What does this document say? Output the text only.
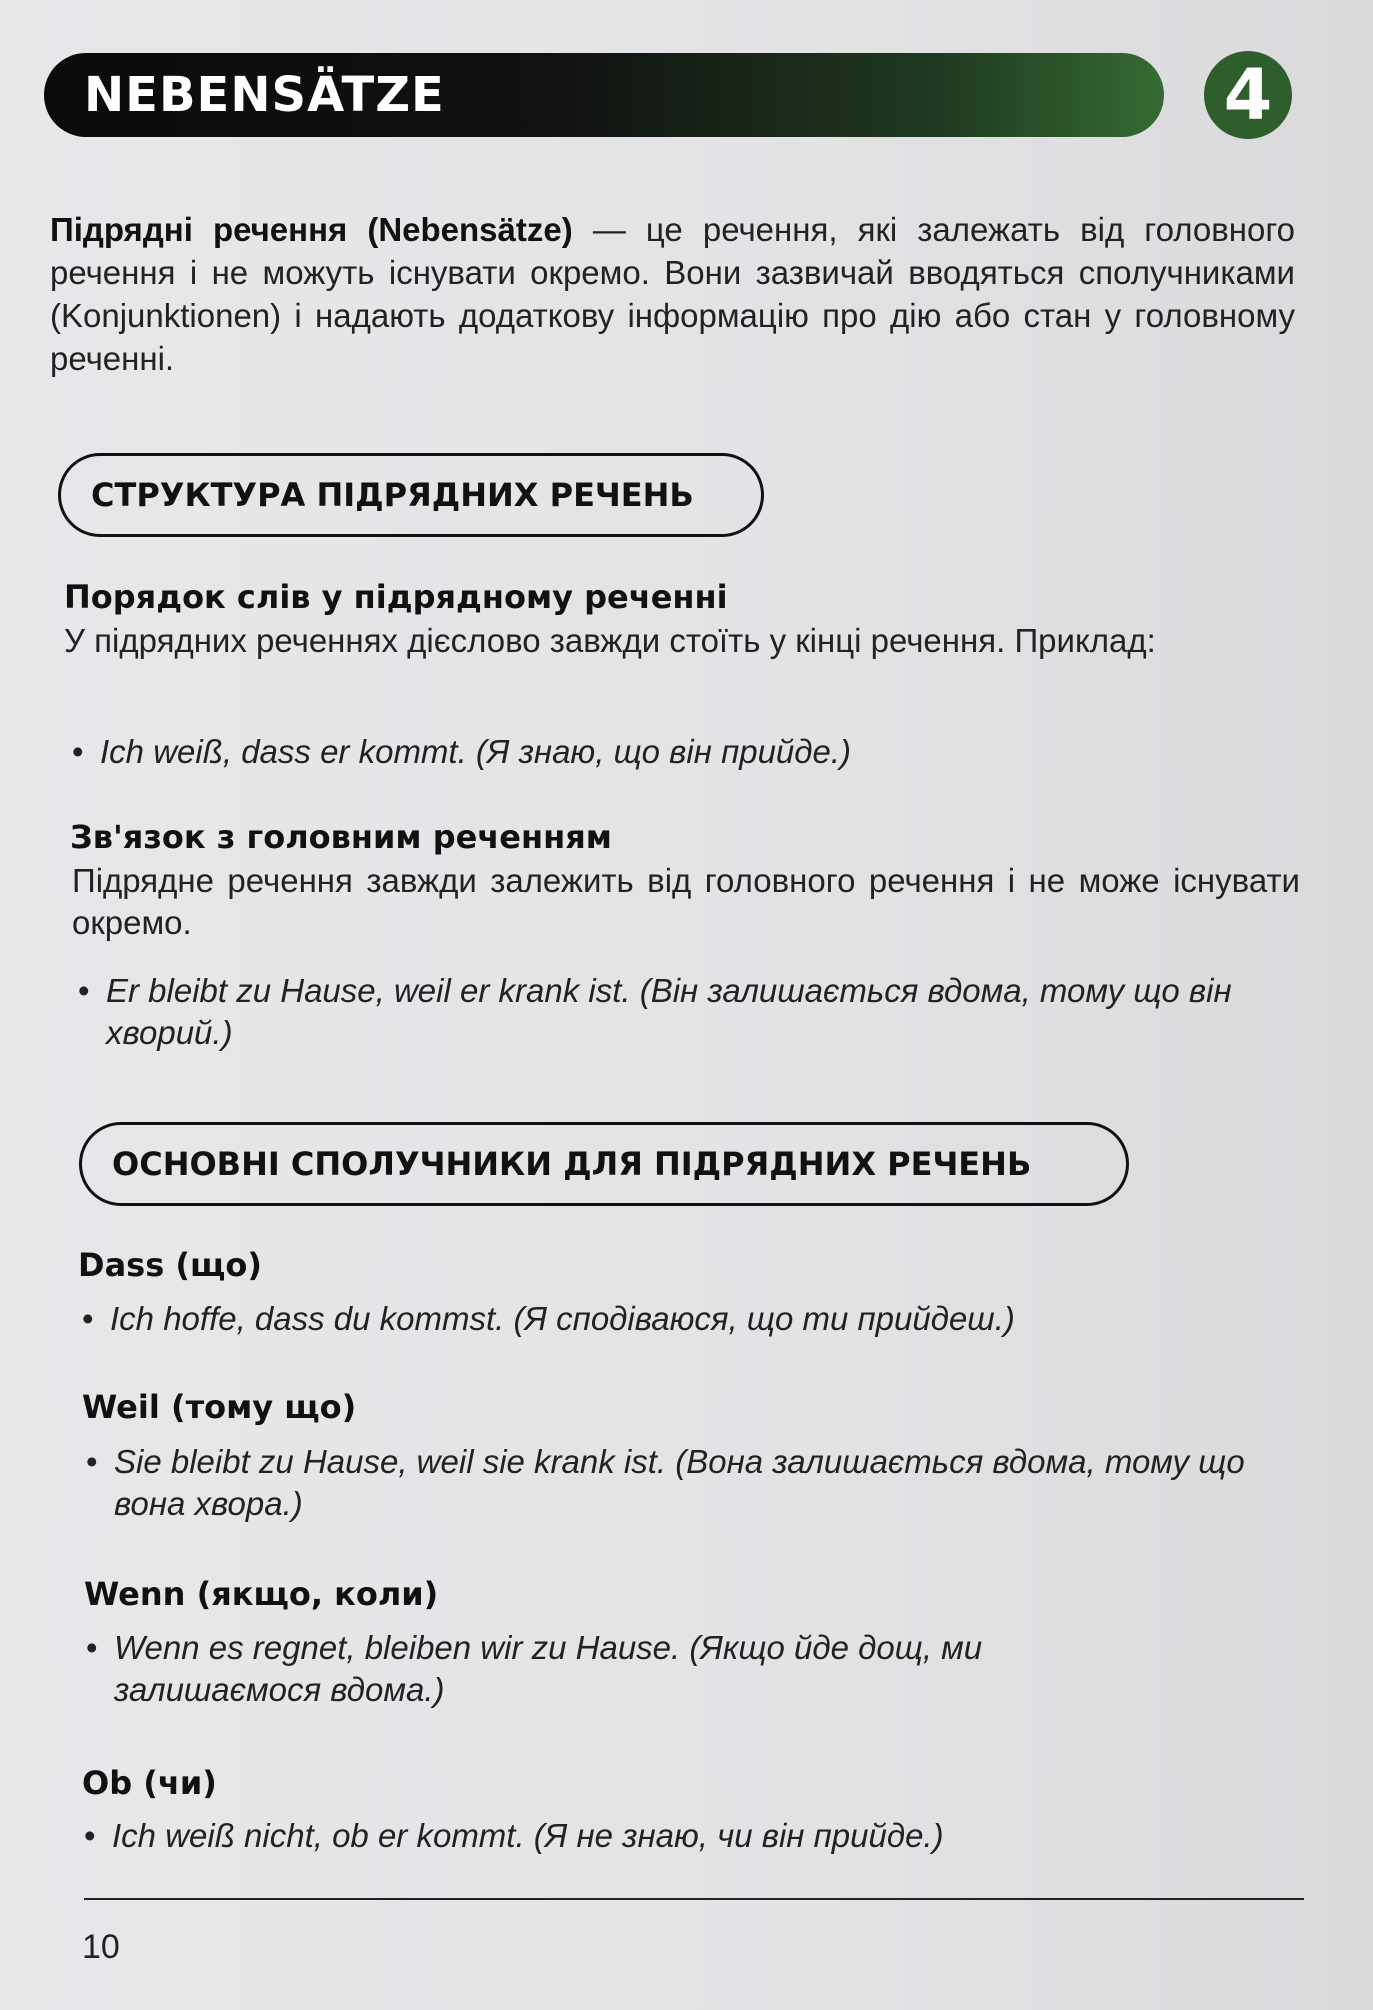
NEBENSÄTZE	4
Підрядні речення (Nebensätze) — це речення, які залежать від головного речення і не можуть існувати окремо. Вони зазвичай вводяться сполучниками (Konjunktionen) і надають додаткову інформацію про дію або стан у головному реченні.
СТРУКТУРА ПІДРЯДНИХ РЕЧЕНЬ
Порядок слів у підрядному реченні
У підрядних реченнях дієслово завжди стоїть у кінці речення. Приклад:
• Ich weiß, dass er kommt. (Я знаю, що він прийде.)
Зв'язок з головним реченням
Підрядне речення завжди залежить від головного речення і не може існувати окремо.
• Er bleibt zu Hause, weil er krank ist. (Він залишається вдома, тому що він хворий.)
ОСНОВНІ СПОЛУЧНИКИ ДЛЯ ПІДРЯДНИХ РЕЧЕНЬ
Dass (що)
• Ich hoffe, dass du kommst. (Я сподіваюся, що ти прийдеш.)
Weil (тому що)
• Sie bleibt zu Hause, weil sie krank ist. (Вона залишається вдома, тому що вона хвора.)
Wenn (якщо, коли)
• Wenn es regnet, bleiben wir zu Hause. (Якщо йде дощ, ми залишаємося вдома.)
Ob (чи)
• Ich weiß nicht, ob er kommt. (Я не знаю, чи він прийде.)
10
